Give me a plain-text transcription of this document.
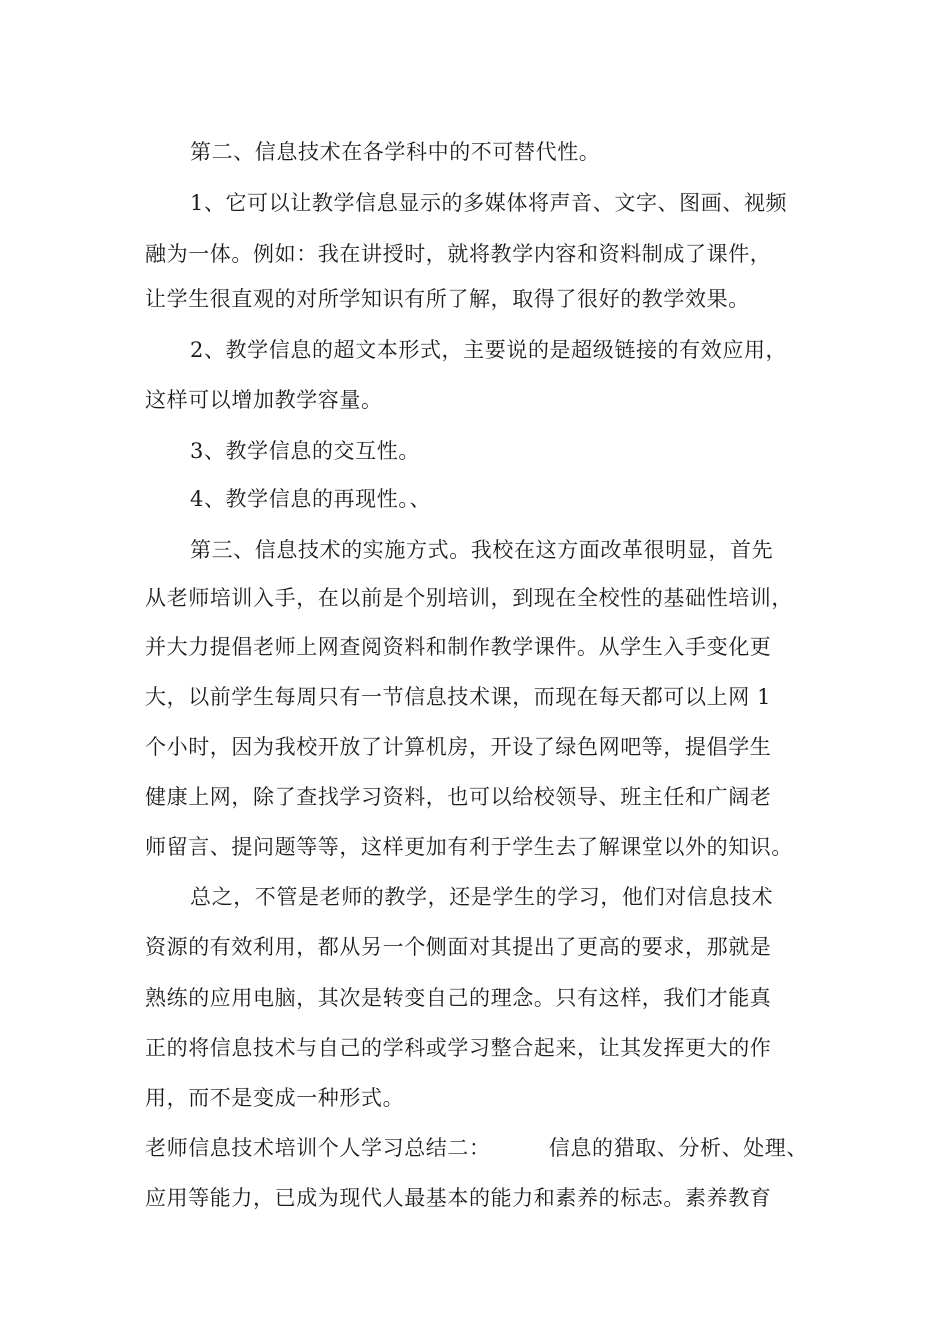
第二、信息技术在各学科中的不可替代性。
1、它可以让教学信息显示的多媒体将声音、文字、图画、视频
融为一体。例如：我在讲授时，就将教学内容和资料制成了课件，
让学生很直观的对所学知识有所了解，取得了很好的教学效果。
2、教学信息的超文本形式，主要说的是超级链接的有效应用，
这样可以增加教学容量。
3、教学信息的交互性。
4、教学信息的再现性。、
第三、信息技术的实施方式。我校在这方面改革很明显，首先
从老师培训入手，在以前是个别培训，到现在全校性的基础性培训，
并大力提倡老师上网查阅资料和制作教学课件。从学生入手变化更
大，以前学生每周只有一节信息技术课，而现在每天都可以上网 1
个小时，因为我校开放了计算机房，开设了绿色网吧等，提倡学生
健康上网，除了查找学习资料，也可以给校领导、班主任和广阔老
师留言、提问题等等，这样更加有利于学生去了解课堂以外的知识。
总之，不管是老师的教学，还是学生的学习，他们对信息技术
资源的有效利用，都从另一个侧面对其提出了更高的要求，那就是
熟练的应用电脑，其次是转变自己的理念。只有这样，我们才能真
正的将信息技术与自己的学科或学习整合起来，让其发挥更大的作
用，而不是变成一种形式。
老师信息技术培训个人学习总结二：        信息的猎取、分析、处理、
应用等能力，已成为现代人最基本的能力和素养的标志。素养教育
